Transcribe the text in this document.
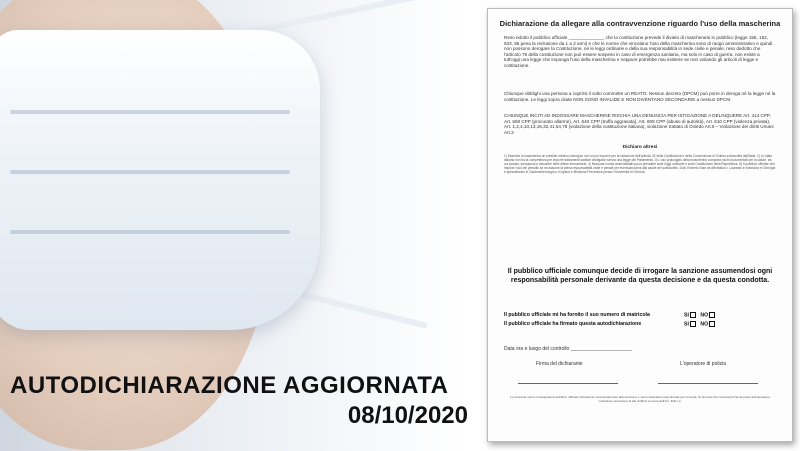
AUTODICHIARAZIONE AGGIORNATA
08/10/2020
Dichiarazione da allegare alla contravvenzione riguardo l'uso della mascherina
Reso edotto il pubblico ufficiale ______________ che la costituzione prevede il divieto di mascherarsi in pubblico (legge 155, 152, 533, 85 pena la reclusione da 1 a 2 anni) e che le norme che vincolano l'uso della mascherina sono di rango amministrativo e quindi non possono derogare la Costituzione, né le leggi ordinarie e della sua responsabilità in sede civile e penale, reso dedotto che l'articolo 78 della costituzione non può essere sospeso in caso di emergenza sanitaria, ma solo in caso di guerra, non esiste a tutt'oggi una legge che imponga l'uso della mascherina e neppure potrebbe mai esistere se non violando gli articoli di legge e costituzione.
Chiunque obblighi una persona a coprirsi il volto commette un REATO. Nessun decreto (DPCM) può porre in deroga né la legge né la costituzione. Le leggi sopra citate NON SONO INVALIDE E NON DIVENTANO SECONDARIE a nessun DPCM.
CHIUNQUE INCITI AD INDOSSARE MASCHERINE RISCHIA UNA DENUNCIA PER ISTIGAZIONE A DELINQUERE Art. 414 CPP, Art. 658 CPP (procurato allarme), Art. 640 CPP (truffa aggravata), Art. 608 CPP (abuso di autorità), Art. 610 CPP (violenza privata), Art. 1,2,4,10,13,16,32,41,54,78 (violazione della costituzione italiana), violazione trattato di Oviedo Art.5 – Violazione dei diritti Umani Art.3
Dichiaro altresì
1) Essendo la mascherina un presidio medico chirurgico non si può imporre per la violazione dell'articolo 32 della Costituzione e della Convenzione di Oviedo sottoscritta dall'Italia. 2) Lo stato Italiano non ha la competenza per imporre trattamenti sanitari obbligatori senza una legge del Parlamento. 3) L'uso prolungato della mascherina comporta rischi documentati per la salute, tra cui ipossia, ipercapnia e riduzione delle difese immunitarie. 4) Nessuna norma amministrativa può prevalere sulle leggi ordinarie e sulla Costituzione della Repubblica. 5) Il pubblico ufficiale che impone l'uso del presidio se ne assume la piena responsabilità civile e penale per eventuali danni alla salute del sottoscritto. Dott. Roberto Sant de Afforbalon.t. Laureato in Medicina e Chirurgia e specializzato in Gastroenterologia e in Igiene e Medicina Preventiva presso l'Università di Genova.
Il pubblico ufficiale comunque decide di irrogare la sanzione assumendosi ogni responsabilità personale derivante da questa decisione e da questa condotta.
Il pubblico ufficiale mi ha fornito il suo numero di matricola	SI NO
Il pubblico ufficiale ha firmato questa autodichiarazione	SI NO
Data ora e luogo del controllo ______________________
Firma del dichiarante	L'operatore di polizia
Le presente viene consegnata al pubblico ufficiale richiedente contestualmente alla sanzione e viene rilasciata copia firmata per ricevuta. Si precisa che l'omessa firma da parte dell'operatore costituisce omissione di atti d'ufficio ai sensi dell'Art. 328 c.p.
